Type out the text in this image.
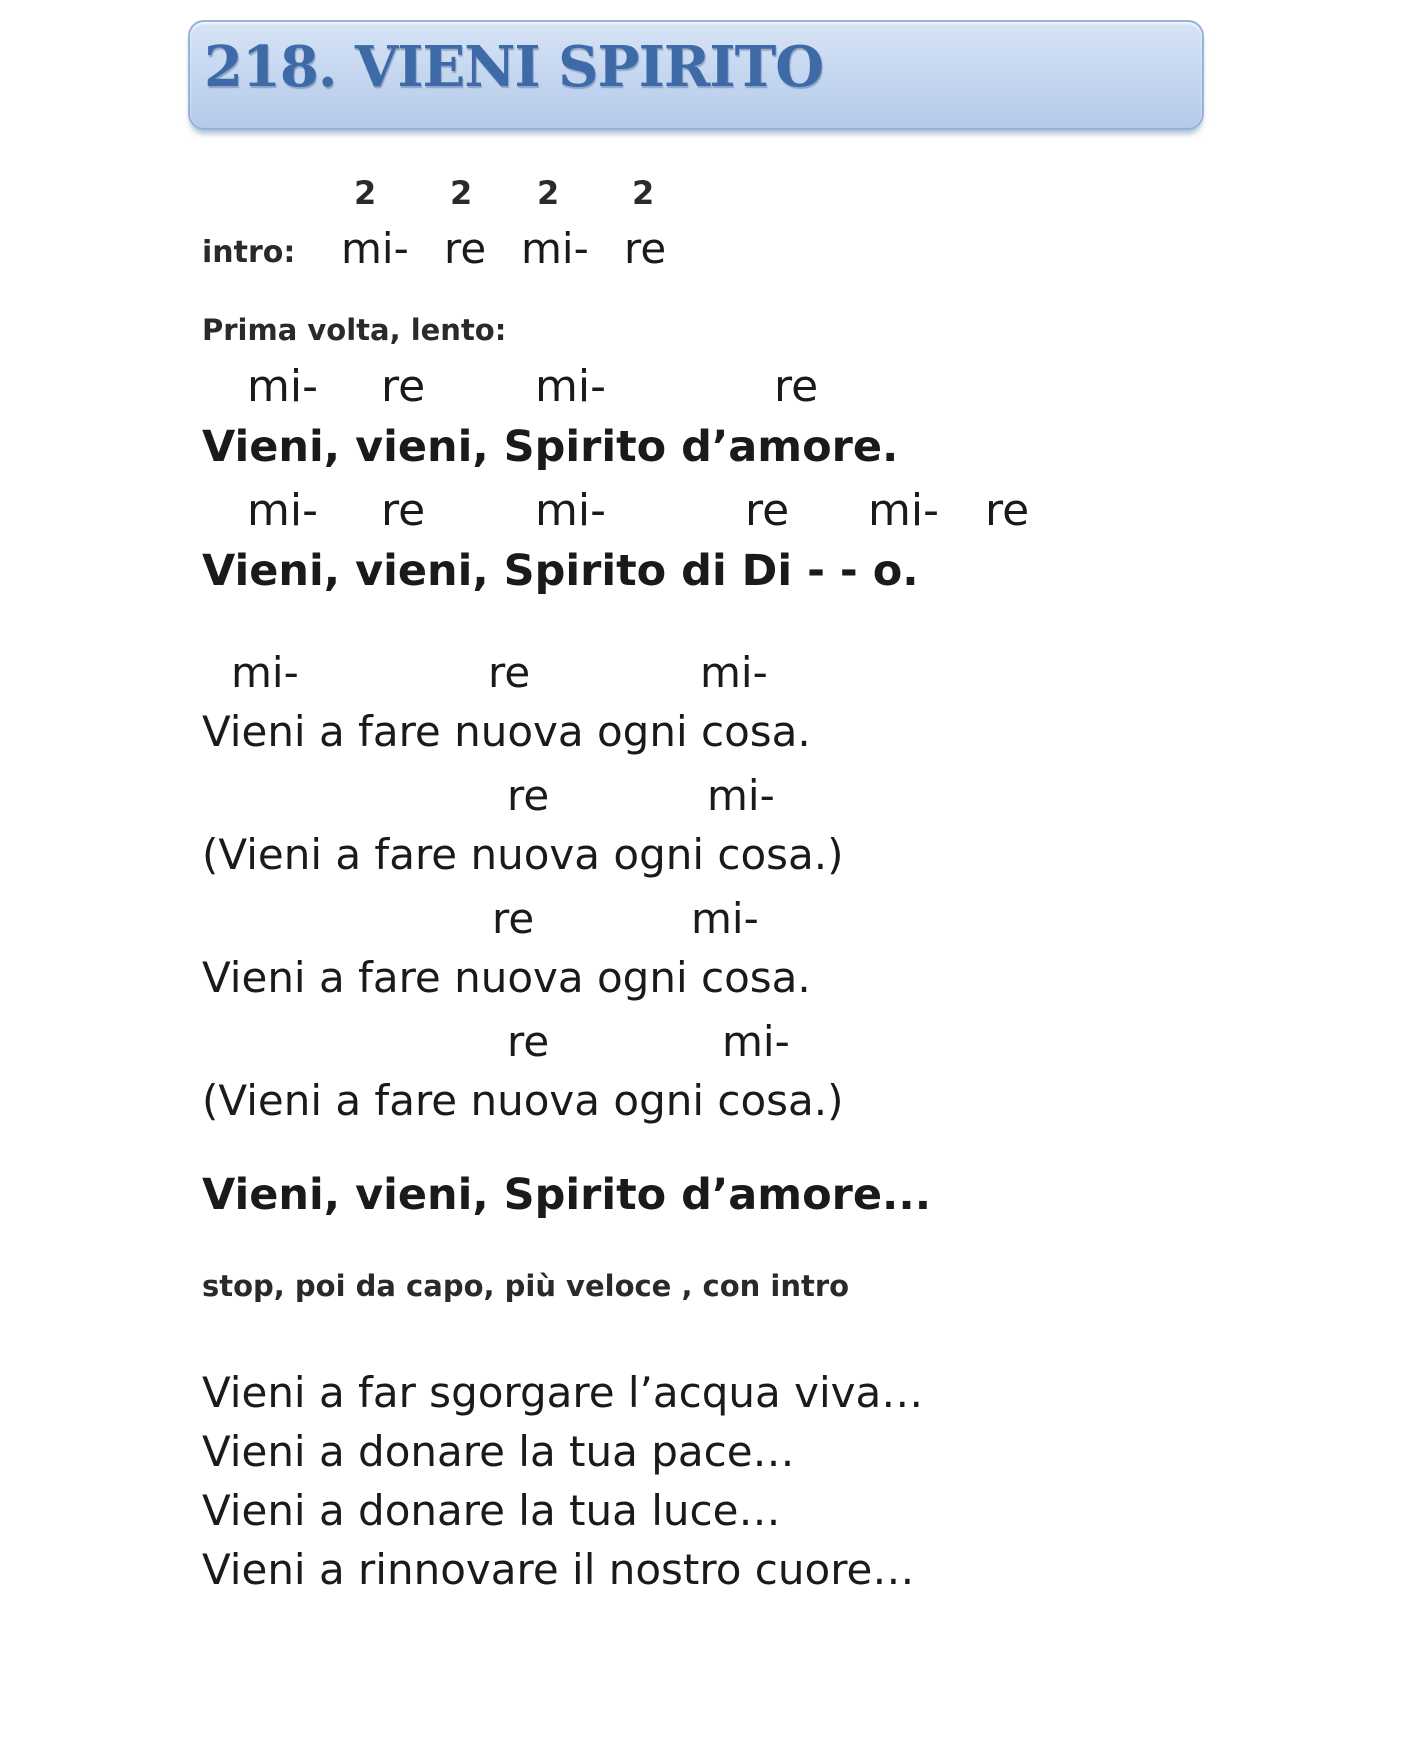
218. VIENI SPIRITO
2 2 2 2
intro: mi- re mi- re
Prima volta, lento:
mi- re mi-	re
Vieni, vieni, Spirito d’amore.
mi- re mi-	re mi- re
Vieni, vieni, Spirito di Di - - o.
mi-	re	mi-
Vieni a fare nuova ogni cosa.
re	mi-
(Vieni a fare nuova ogni cosa.)
re	mi-
Vieni a fare nuova ogni cosa.
re	mi-
(Vieni a fare nuova ogni cosa.)
Vieni, vieni, Spirito d’amore...
stop, poi da capo, più veloce , con intro
Vieni a far sgorgare l’acqua viva…
Vieni a donare la tua pace…
Vieni a donare la tua luce…
Vieni a rinnovare il nostro cuore…
